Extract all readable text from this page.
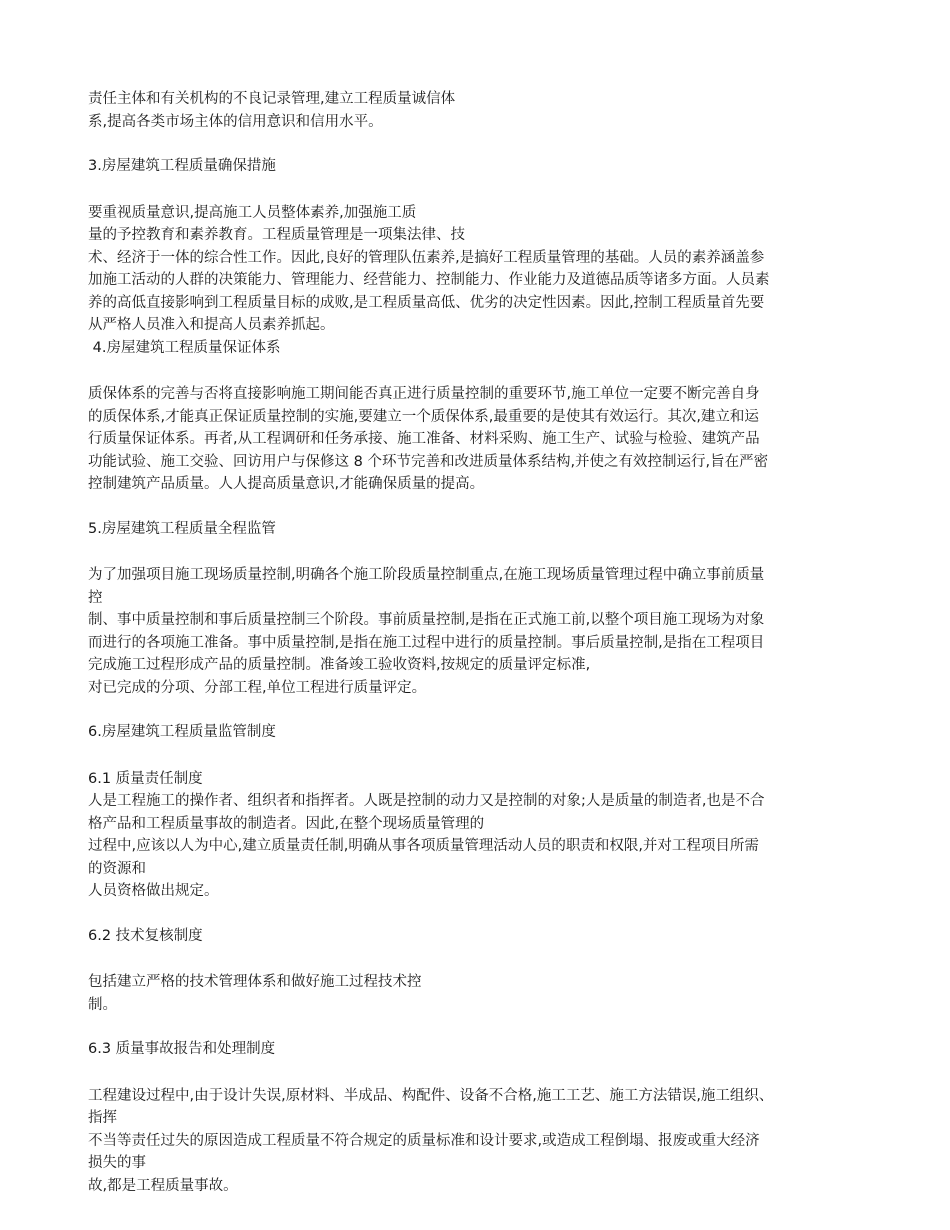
责任主体和有关机构的不良记录管理,建立工程质量诚信体
系,提高各类市场主体的信用意识和信用水平。
3.房屋建筑工程质量确保措施
要重视质量意识,提高施工人员整体素养,加强施工质
量的予控教育和素养教育。工程质量管理是一项集法律、技
术、经济于一体的综合性工作。因此,良好的管理队伍素养,是搞好工程质量管理的基础。人员的素养涵盖参
加施工活动的人群的决策能力、管理能力、经营能力、控制能力、作业能力及道德品质等诸多方面。人员素
养的高低直接影响到工程质量目标的成败,是工程质量高低、优劣的决定性因素。因此,控制工程质量首先要
从严格人员准入和提高人员素养抓起。
4.房屋建筑工程质量保证体系
质保体系的完善与否将直接影响施工期间能否真正进行质量控制的重要环节,施工单位一定要不断完善自身
的质保体系,才能真正保证质量控制的实施,要建立一个质保体系,最重要的是使其有效运行。其次,建立和运
行质量保证体系。再者,从工程调研和任务承接、施工准备、材料采购、施工生产、试验与检验、建筑产品
功能试验、施工交验、回访用户与保修这 8 个环节完善和改进质量体系结构,并使之有效控制运行,旨在严密
控制建筑产品质量。人人提高质量意识,才能确保质量的提高。
5.房屋建筑工程质量全程监管
为了加强项目施工现场质量控制,明确各个施工阶段质量控制重点,在施工现场质量管理过程中确立事前质量
控
制、事中质量控制和事后质量控制三个阶段。事前质量控制,是指在正式施工前,以整个项目施工现场为对象
而进行的各项施工准备。事中质量控制,是指在施工过程中进行的质量控制。事后质量控制,是指在工程项目
完成施工过程形成产品的质量控制。准备竣工验收资料,按规定的质量评定标准,
对已完成的分项、分部工程,单位工程进行质量评定。
6.房屋建筑工程质量监管制度
6.1 质量责任制度
人是工程施工的操作者、组织者和指挥者。人既是控制的动力又是控制的对象;人是质量的制造者,也是不合
格产品和工程质量事故的制造者。因此,在整个现场质量管理的
过程中,应该以人为中心,建立质量责任制,明确从事各项质量管理活动人员的职责和权限,并对工程项目所需
的资源和
人员资格做出规定。
6.2 技术复核制度
包括建立严格的技术管理体系和做好施工过程技术控
制。
6.3 质量事故报告和处理制度
工程建设过程中,由于设计失误,原材料、半成品、构配件、设备不合格,施工工艺、施工方法错误,施工组织、
指挥
不当等责任过失的原因造成工程质量不符合规定的质量标准和设计要求,或造成工程倒塌、报废或重大经济
损失的事
故,都是工程质量事故。
